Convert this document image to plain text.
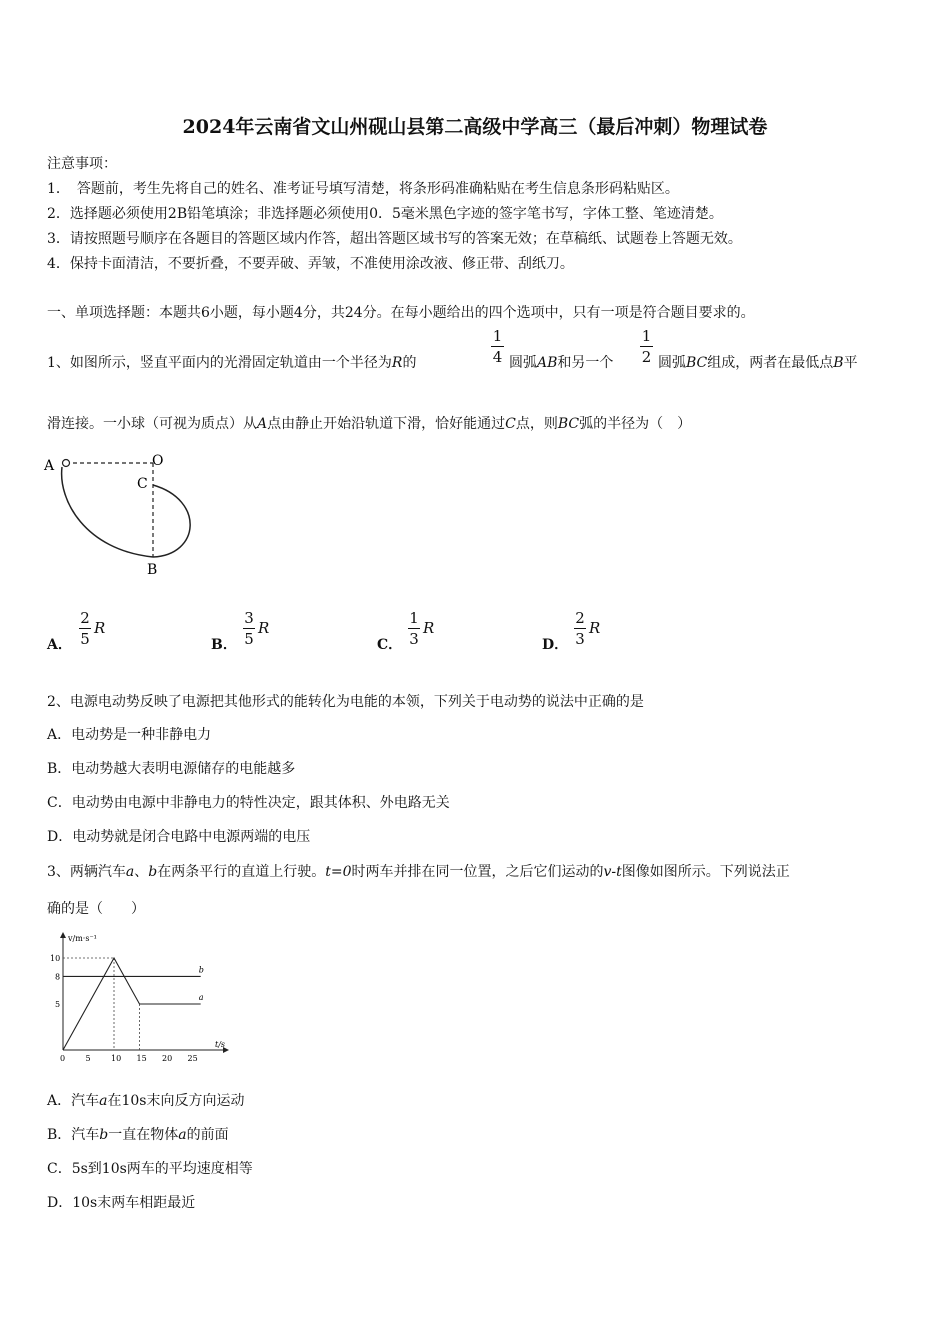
2024年云南省文山州砚山县第二高级中学高三（最后冲刺）物理试卷
注意事项：
1．　答题前，考生先将自己的姓名、准考证号填写清楚，将条形码准确粘贴在考生信息条形码粘贴区。
2．选择题必须使用2B铅笔填涂；非选择题必须使用0．5毫米黑色字迹的签字笔书写，字体工整、笔迹清楚。
3．请按照题号顺序在各题目的答题区域内作答，超出答题区域书写的答案无效；在草稿纸、试题卷上答题无效。
4．保持卡面清洁，不要折叠，不要弄破、弄皱，不准使用涂改液、修正带、刮纸刀。
一、单项选择题：本题共6小题，每小题4分，共24分。在每小题给出的四个选项中，只有一项是符合题目要求的。
1、如图所示，竖直平面内的光滑固定轨道由一个半径为R的
1
4 圆弧AB和另一个
1
2 圆弧BC组成，两者在最低点B平
滑连接。一小球（可视为质点）从A点由静止开始沿轨道下滑，恰好能通过C点，则BC弧的半径为（　）
A	O
C
B
A．
2
5
R
B．
3
5
R
C．
1
3
R
D．
2
3
R
2、电源电动势反映了电源把其他形式的能转化为电能的本领，下列关于电动势的说法中正确的是
A．电动势是一种非静电力
B．电动势越大表明电源储存的电能越多
C．电动势由电源中非静电力的特性决定，跟其体积、外电路无关
D．电动势就是闭合电路中电源两端的电压
3、两辆汽车a、b在两条平行的直道上行驶。t=0时两车并排在同一位置，之后它们运动的v-t图像如图所示。下列说法正
确的是（　　）
v/m·s⁻¹
t/s
b
a
0	5	10 15 20 25
5
8
10
A．汽车a在10s末向反方向运动
B．汽车b一直在物体a的前面
C．5s到10s两车的平均速度相等
D．10s末两车相距最近
